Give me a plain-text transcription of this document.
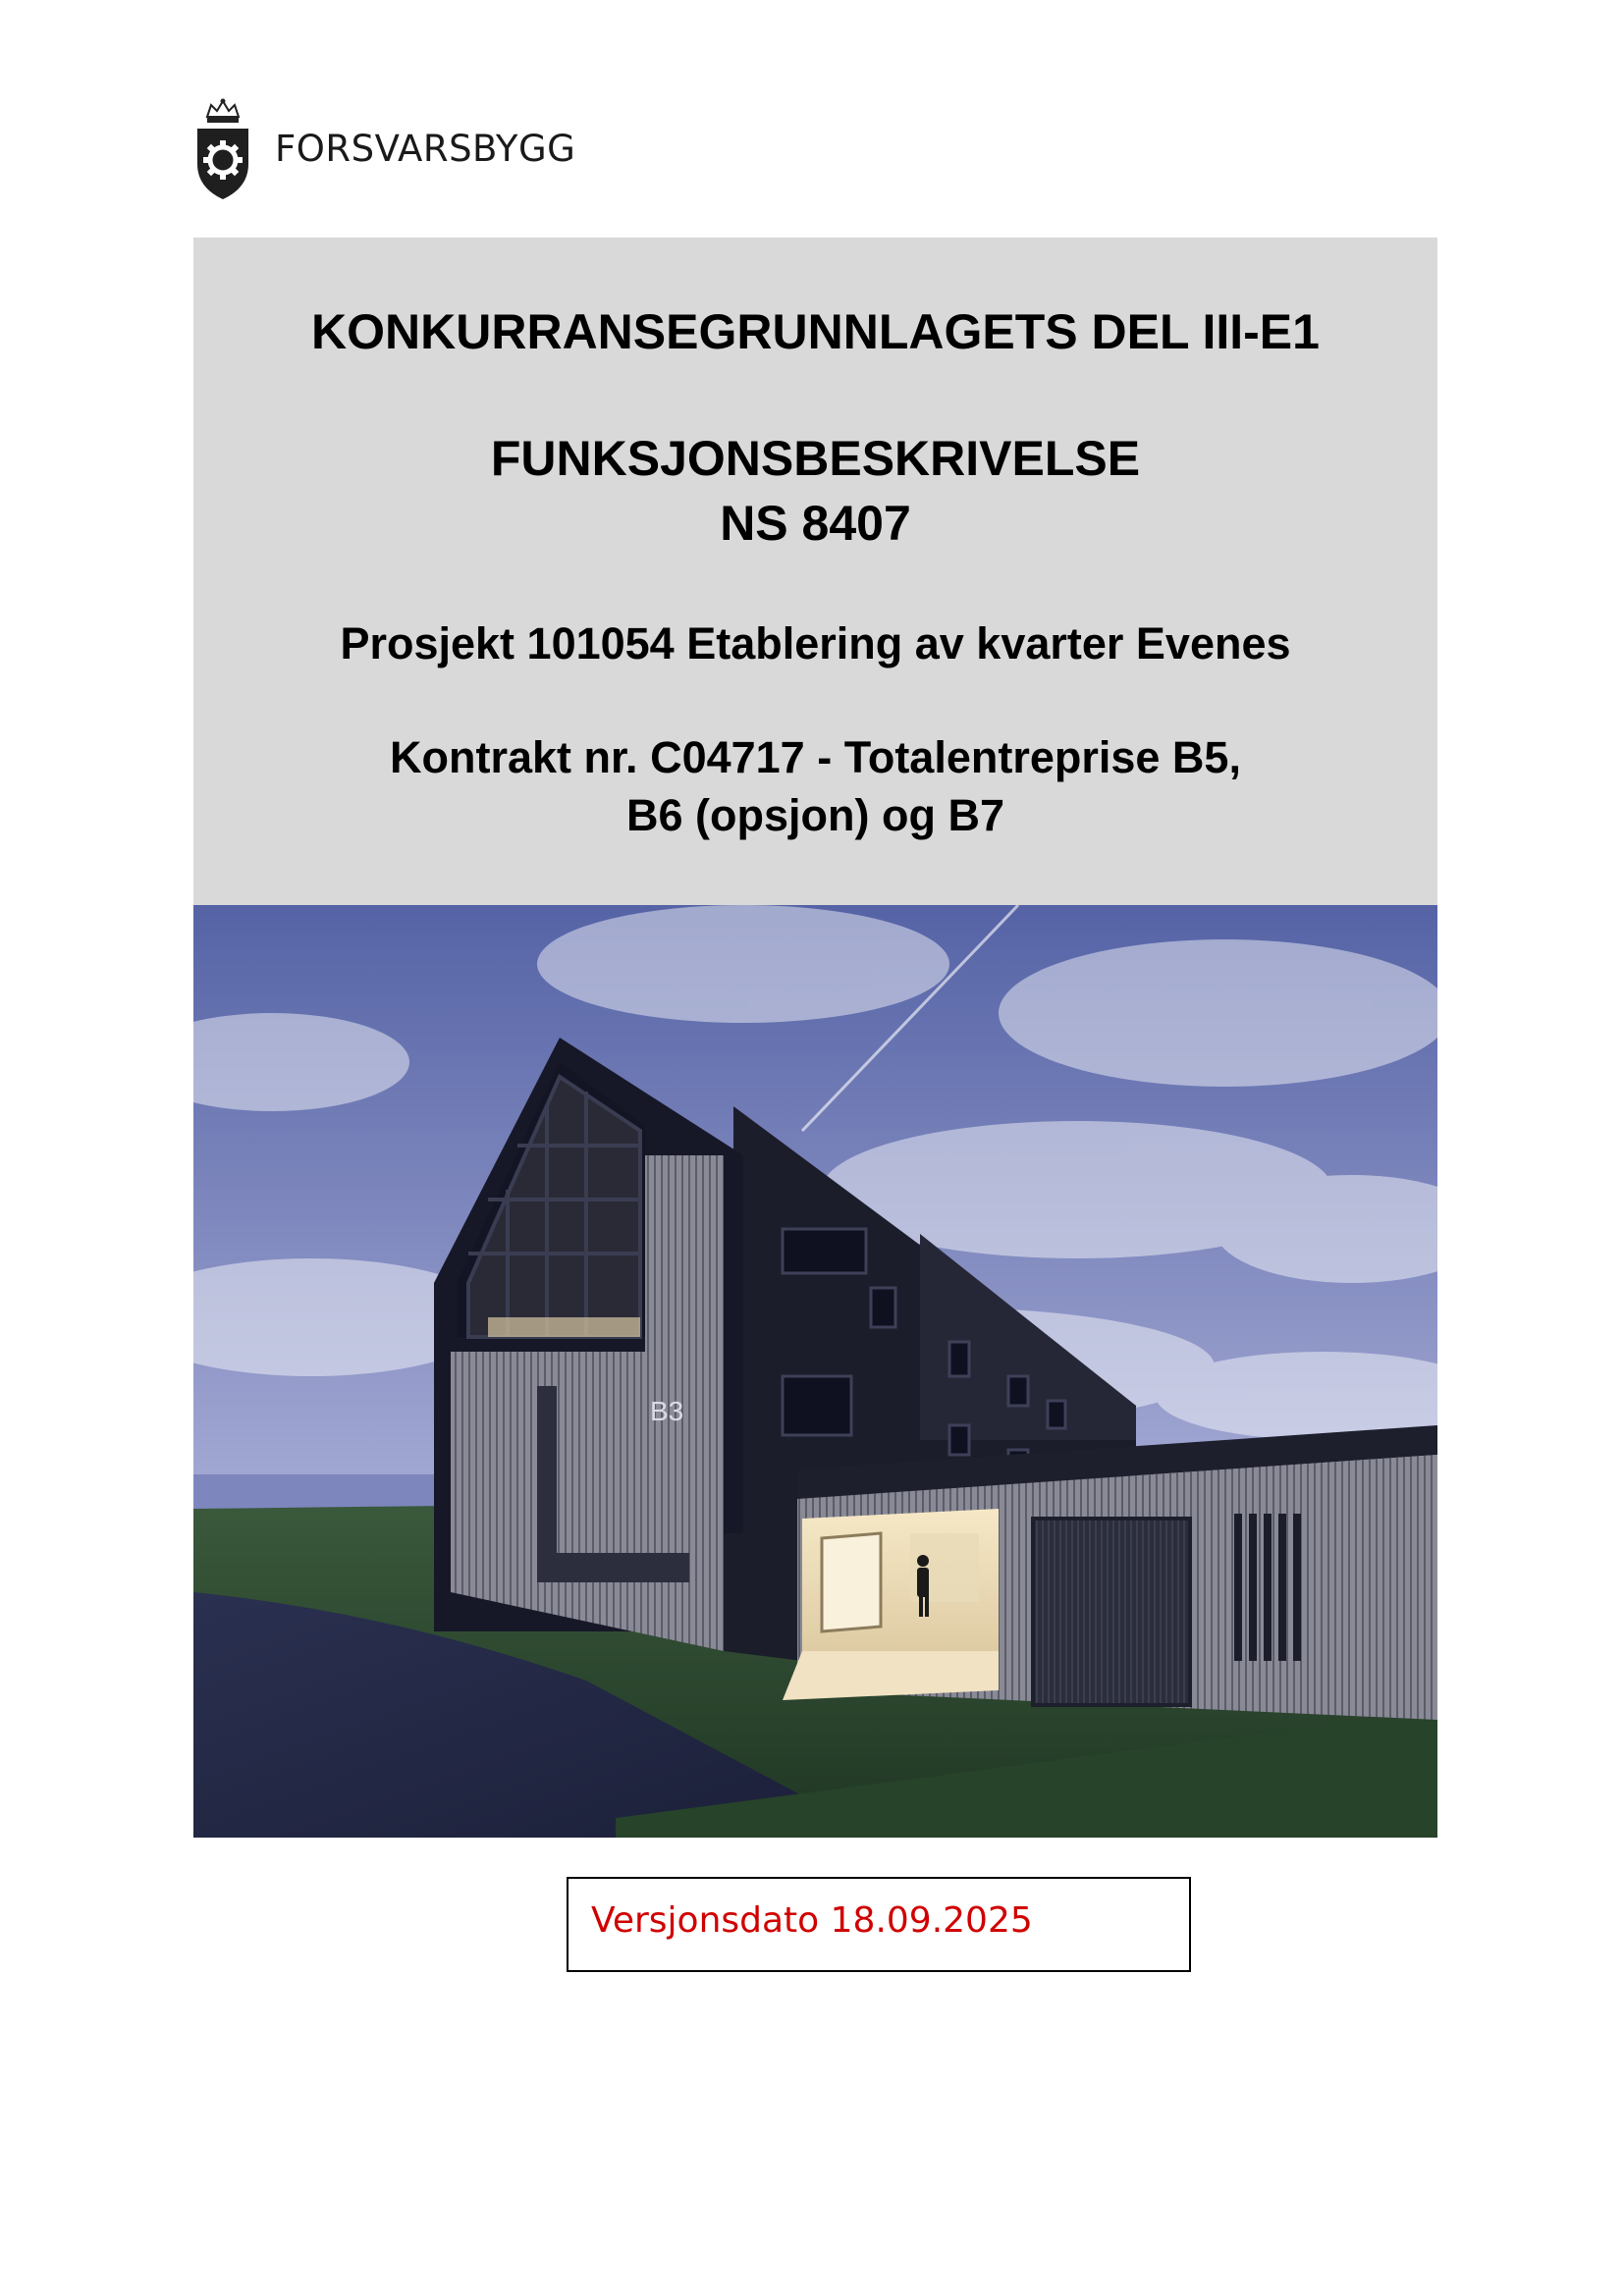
FORSVARSBYGG
KONKURRANSEGRUNNLAGETS DEL III-E1
FUNKSJONSBESKRIVELSE
NS 8407
Prosjekt 101054 Etablering av kvarter Evenes
Kontrakt nr. C04717 - Totalentreprise B5,
B6 (opsjon) og B7
B3
Versjonsdato 18.09.2025
